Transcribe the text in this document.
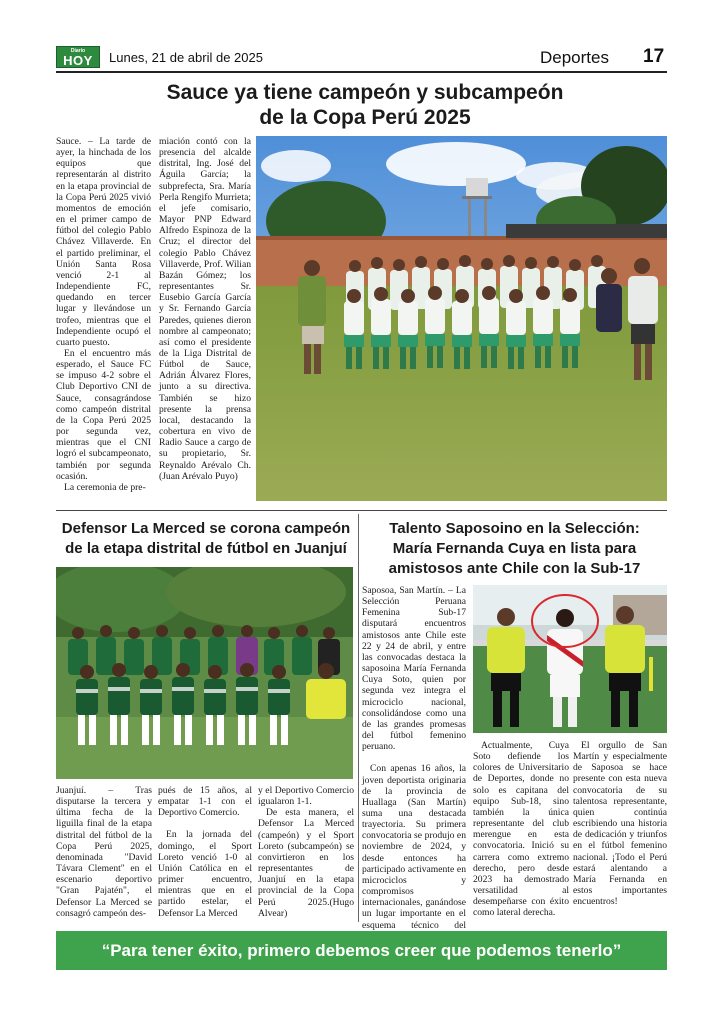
Diario
HOY	Lunes, 21 de abril de 2025	Deportes 17
Sauce ya tiene campeón y subcampeón
de la Copa Perú 2025

Sauce. – La tarde de ayer, la hinchada de los equipos que representarán al distrito en la etapa provincial de la Copa Perú 2025 vivió momentos de emoción en el primer campo de fútbol del colegio Pablo Chávez Villaverde. En el partido preliminar, el Unión Santa Rosa venció 2-1 al Independiente FC, quedando en tercer lugar y llevándose un trofeo, mientras que el Independiente ocupó el cuarto puesto.

En el encuentro más esperado, el Sauce FC se impuso 4-2 sobre el Club Deportivo CNI de Sauce, consagrándose como campeón distrital de la Copa Perú 2025 por segunda vez, mientras que el CNI logró el subcampeonato, también por segunda ocasión.

La ceremonia de pre-

miación contó con la presencia del alcalde distrital, Ing. José del Águila García; la subprefecta, Sra. María Perla Rengifo Murrieta; el jefe comisario, Mayor PNP Edward Alfredo Espinoza de la Cruz; el director del colegio Pablo Chávez Villaverde, Prof. Wilian Bazán Gómez; los representantes Sr. Eusebio García García y Sr. Fernando García Paredes, quienes dieron nombre al campeonato; así como el presidente de la Liga Distrital de Fútbol de Sauce, Adrián Álvarez Flores, junto a su directiva. También se hizo presente la prensa local, destacando la cobertura en vivo de Radio Sauce a cargo de su propietario, Sr. Reynaldo Arévalo Ch.(Juan Arévalo Puyo)

Defensor La Merced se corona campeón
de la etapa distrital de fútbol en Juanjuí

Juanjuí. – Tras disputarse la tercera y última fecha de la liguilla final de la etapa distrital del fútbol de la Copa Perú 2025, denominada "David Távara Clement" en el escenario deportivo "Gran Pajatén", el Defensor La Merced se consagró campeón des-

pués de 15 años, al empatar 1-1 con el Deportivo Comercio.

En la jornada del domingo, el Sport Loreto venció 1-0 al Unión Católica en el primer encuentro, mientras que en el partido estelar, el Defensor La Merced

y el Deportivo Comercio igualaron 1-1.

De esta manera, el Defensor La Merced (campeón) y el Sport Loreto (subcampeón) se convirtieron en los representantes de Juanjuí en la etapa provincial de la Copa Perú 2025.(Hugo Alvear)

Talento Saposoino en la Selección:
María Fernanda Cuya en lista para
amistosos ante Chile con la Sub-17

Saposoa, San Martín. – La Selección Peruana Femenina Sub-17 disputará encuentros amistosos ante Chile este 22 y 24 de abril, y entre las convocadas destaca la saposoina María Fernanda Cuya Soto, quien por segunda vez integra el microciclo nacional, consolidándose como una de las grandes promesas del fútbol femenino peruano.

Con apenas 16 años, la joven deportista originaria de la provincia de Huallaga (San Martín) suma una destacada trayectoria. Su primera convocatoria se produjo en noviembre de 2024, y desde entonces ha participado activamente en microciclos y compromisos internacionales, ganándose un lugar importante en el esquema técnico del

Actualmente, Cuya Soto defiende los colores de Universitario de Deportes, donde no solo es capitana del equipo Sub-18, sino también la única representante del club merengue en esta convocatoria. Inició su carrera como extremo derecho, pero desde 2023 ha demostrado versatilidad al desempeñarse con éxito como lateral derecha.

El orgullo de San Martín y especialmente de Saposoa se hace presente con esta nueva convocatoria de su talentosa representante, quien continúa escribiendo una historia de dedicación y triunfos en el fútbol femenino nacional. ¡Todo el Perú estará alentando a María Fernanda en estos importantes encuentros!

“Para tener éxito, primero debemos creer que podemos tenerlo”
